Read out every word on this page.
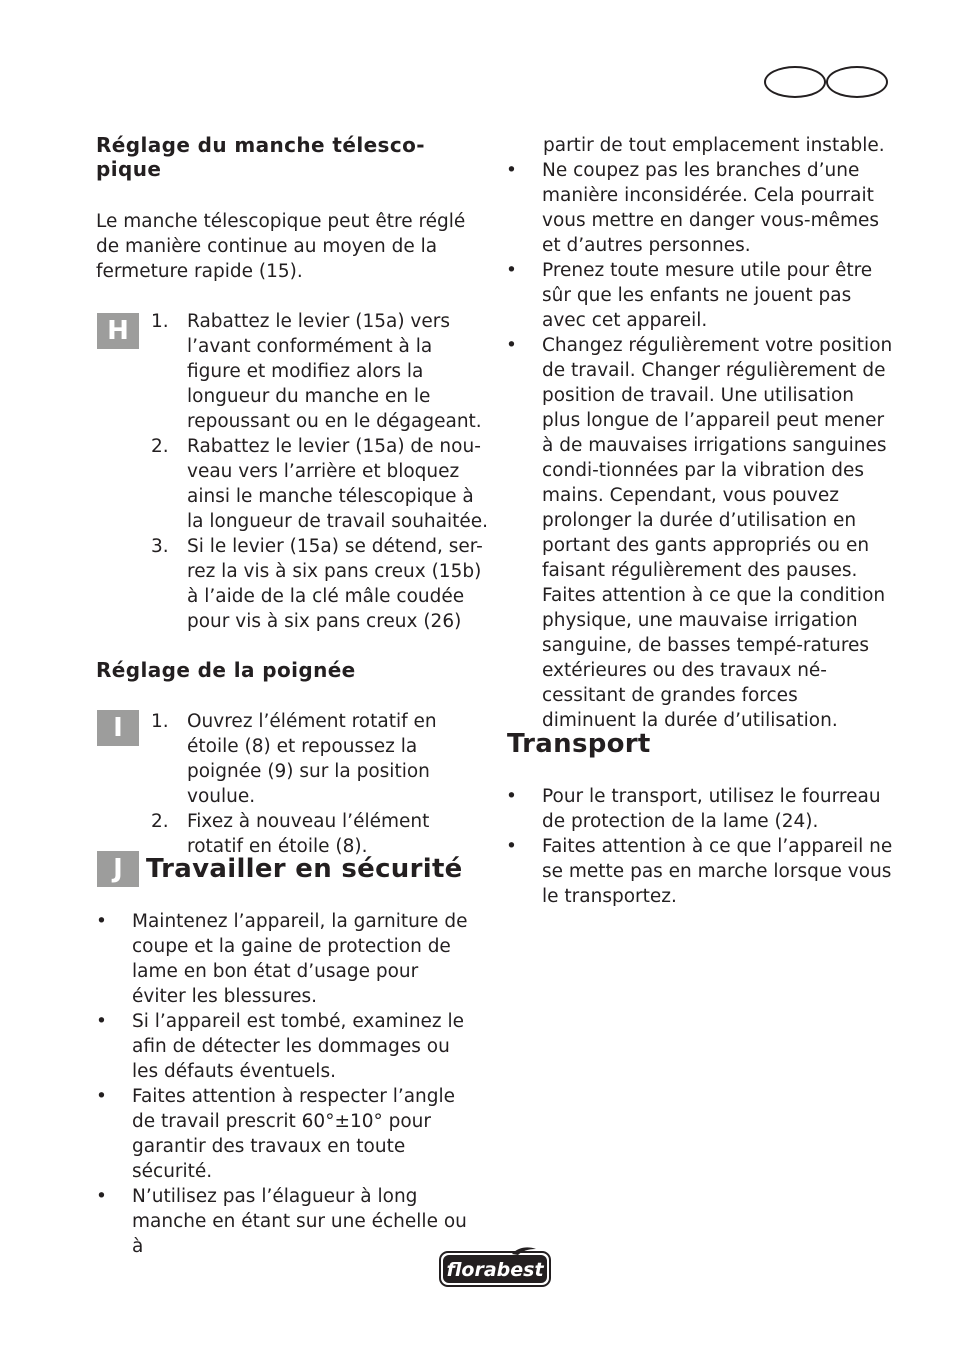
Réglage du manche télesco-
pique
Le manche télescopique peut être réglé de manière continue au moyen de la fermeture rapide (15).
H	1. Rabattez le levier (15a) vers l’avant conformément à la figure et modifiez alors la longueur du manche en le repoussant ou en le dégageant.
2. Rabattez le levier (15a) de nou-veau vers l’arrière et bloquez ainsi le manche télescopique à la longueur de travail souhaitée.
3. Si le levier (15a) se détend, ser-rez la vis à six pans creux (15b) à l’aide de la clé mâle coudée pour vis à six pans creux (26)
Réglage de la poignée
I	1. Ouvrez l’élément rotatif en étoile (8) et repoussez la poignée (9) sur la position voulue.
2. Fixez à nouveau l’élément rotatif en étoile (8).
J Travailler en sécurité
• Maintenez l’appareil, la garniture de coupe et la gaine de protection de lame en bon état d’usage pour éviter les blessures.
• Si l’appareil est tombé, examinez le afin de détecter les dommages ou les défauts éventuels.
• Faites attention à respecter l’angle de travail prescrit 60°±10° pour garantir des travaux en toute sécurité.
• N’utilisez pas l’élagueur à long manche en étant sur une échelle ou à
partir de tout emplacement instable.
• Ne coupez pas les branches d’une manière inconsidérée. Cela pourrait vous mettre en danger vous-mêmes et d’autres personnes.
• Prenez toute mesure utile pour être sûr que les enfants ne jouent pas avec cet appareil.
• Changez régulièrement votre position de travail. Changer régulièrement de position de travail. Une utilisation plus longue de l’appareil peut mener à de mauvaises irrigations sanguines condi-tionnées par la vibration des mains. Cependant, vous pouvez prolonger la durée d’utilisation en portant des gants appropriés ou en faisant régulièrement des pauses. Faites attention à ce que la condition physique, une mauvaise irrigation sanguine, de basses tempé-ratures extérieures ou des travaux né-cessitant de grandes forces diminuent la durée d’utilisation.
Transport
• Pour le transport, utilisez le fourreau de protection de la lame (24).
• Faites attention à ce que l’appareil ne se mette pas en marche lorsque vous le transportez.
florabest
